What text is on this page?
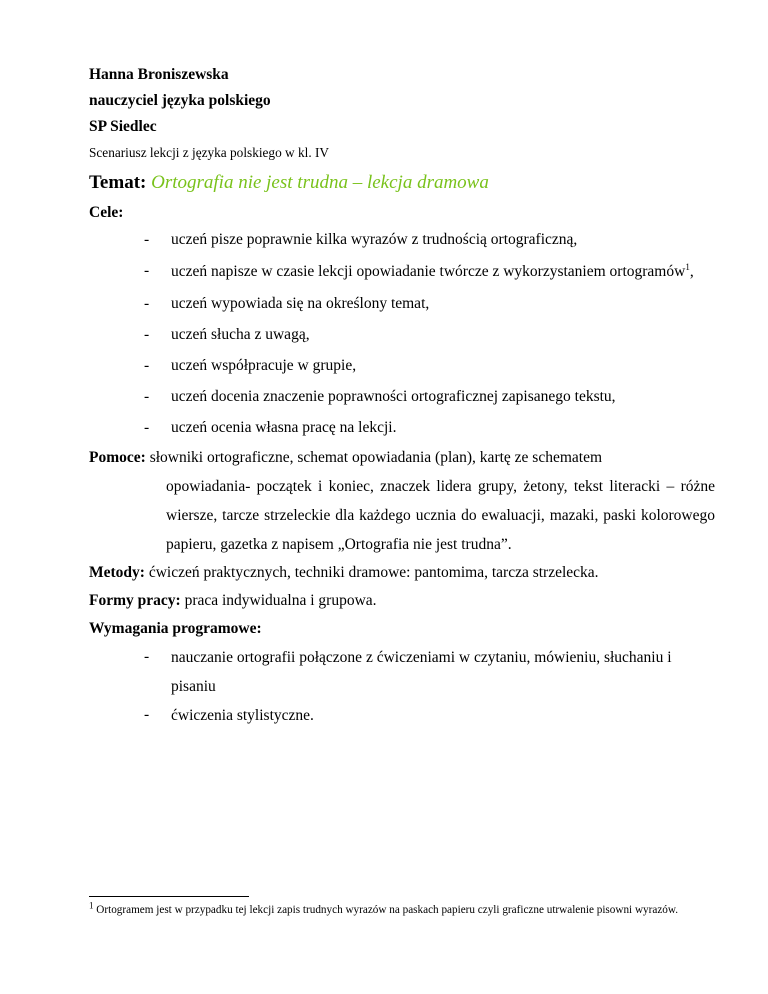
Hanna Broniszewska
nauczyciel języka polskiego
SP Siedlec
Scenariusz lekcji z języka polskiego w kl. IV
Temat: Ortografia nie jest trudna – lekcja dramowa
Cele:
-	uczeń pisze poprawnie kilka wyrazów z trudnością ortograficzną,
-	uczeń napisze w czasie lekcji opowiadanie twórcze z wykorzystaniem ortogramów$^1$,
-	uczeń wypowiada się na określony temat,
-	uczeń słucha z uwagą,
-	uczeń współpracuje w grupie,
-	uczeń docenia znaczenie poprawności ortograficznej zapisanego tekstu,
-	uczeń ocenia własna pracę na lekcji.
Pomoce: słowniki ortograficzne, schemat opowiadania (plan), kartę ze schematem
opowiadania- początek i koniec, znaczek lidera grupy, żetony, tekst literacki – różne wiersze, tarcze strzeleckie dla każdego ucznia do ewaluacji, mazaki, paski kolorowego papieru, gazetka z napisem „Ortografia nie jest trudna”.
Metody: ćwiczeń praktycznych, techniki dramowe: pantomima, tarcza strzelecka.
Formy pracy: praca indywidualna i grupowa.
Wymagania programowe:
-	nauczanie ortografii połączone z ćwiczeniami w czytaniu, mówieniu, słuchaniu i pisaniu
-	ćwiczenia stylistyczne.
$^1$ Ortogramem jest w przypadku tej lekcji zapis trudnych wyrazów na paskach papieru czyli graficzne utrwalenie pisowni wyrazów.
